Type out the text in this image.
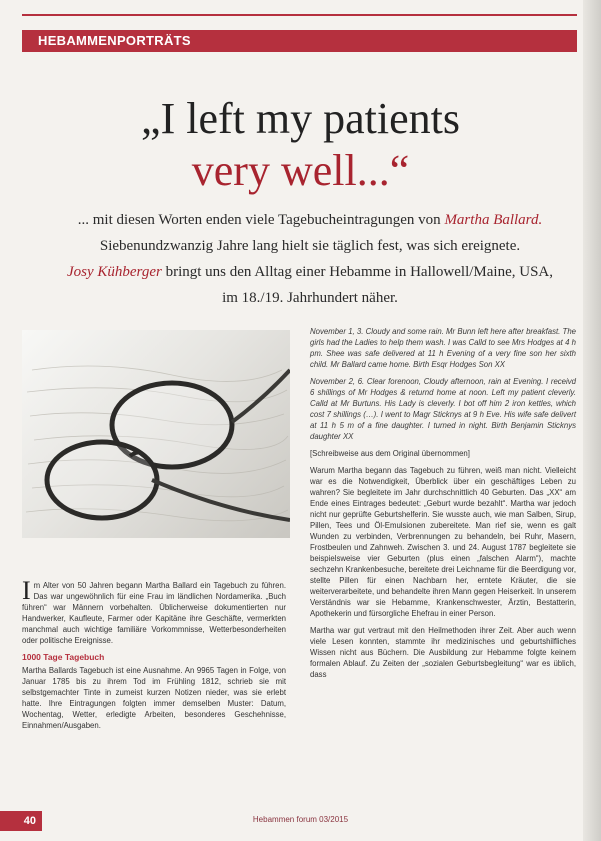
HEBAMMENPORTRÄTS
„I left my patients
very well...“
... mit diesen Worten enden viele Tagebucheintragungen von Martha Ballard.
Siebenundzwanzig Jahre lang hielt sie täglich fest, was sich ereignete.
Josy Kühberger bringt uns den Alltag einer Hebamme in Hallowell/Maine, USA,
im 18./19. Jahrhundert näher.

Im Alter von 50 Jahren begann Martha Ballard ein Tagebuch zu führen. Das war ungewöhnlich für eine Frau im ländlichen Nordamerika. „Buch führen“ war Männern vorbehalten. Üblicherweise dokumentierten nur Handwerker, Kaufleute, Farmer oder Kapitäne ihre Geschäfte, vermerkten manchmal auch wichtige familiäre Vorkommnisse, Wetterbesonderheiten oder politische Ereignisse.

1000 Tage Tagebuch

Martha Ballards Tagebuch ist eine Ausnahme. An 9965 Tagen in Folge, von Januar 1785 bis zu ihrem Tod im Frühling 1812, schrieb sie mit selbstgemachter Tinte in zumeist kurzen Notizen nieder, was sie erlebt hatte. Ihre Eintragungen folgten immer demselben Muster: Datum, Wochentag, Wetter, erledigte Arbeiten, besonderes Geschehnisse, Einnahmen/Ausgaben.

November 1, 3. Cloudy and some rain. Mr Bunn left here after breakfast. The girls had the Ladies to help them wash. I was Calld to see Mrs Hodges at 4 h pm. Shee was safe delivered at 11 h Evening of a very fine son her sixth child. Mr Ballard came home. Birth Esqr Hodges Son XX

November 2, 6. Clear forenoon, Cloudy afternoon, rain at Evening. I receivd 6 shillings of Mr Hodges & returnd home at noon. Left my patient cleverly. Calld at Mr Burtuns. His Lady is cleverly. I bot off him 2 iron kettles, which cost 7 shillings (…). I went to Magr Sticknys at 9 h Eve. His wife safe delivert at 11 h 5 m of a fine daughter. I turned in night. Birth Benjamin Sticknys daughter XX

[Schreibweise aus dem Original übernommen]

Warum Martha begann das Tagebuch zu führen, weiß man nicht. Vielleicht war es die Notwendigkeit, Überblick über ein geschäftiges Leben zu wahren? Sie begleitete im Jahr durchschnittlich 40 Geburten. Das „XX“ am Ende eines Eintrages bedeutet: „Geburt wurde bezahlt“. Martha war jedoch nicht nur geprüfte Geburtshelferin. Sie wusste auch, wie man Salben, Sirup, Pillen, Tees und Öl-Emulsionen zubereitete. Man rief sie, wenn es galt Wunden zu verbinden, Verbrennungen zu behandeln, bei Ruhr, Masern, Frostbeulen und Zahnweh. Zwischen 3. und 24. August 1787 begleitete sie beispielsweise vier Geburten (plus einen „falschen Alarm“), machte sechzehn Krankenbesuche, bereitete drei Leichname für die Beerdigung vor, stellte Pillen für einen Nachbarn her, erntete Kräuter, die sie weiterverarbeitete, und behandelte ihren Mann gegen Heiserkeit. In unserem Verständnis war sie Hebamme, Krankenschwester, Ärztin, Bestatterin, Apothekerin und fürsorgliche Ehefrau in einer Person.

Martha war gut vertraut mit den Heilmethoden ihrer Zeit. Aber auch wenn viele Lesen konnten, stammte ihr medizinisches und geburtshilfliches Wissen nicht aus Büchern. Die Ausbildung zur Hebamme folgte keinem formalen Ablauf. Zu Zeiten der „sozialen Geburtsbegleitung“ war es üblich, dass

40	Hebammen forum 03/2015
